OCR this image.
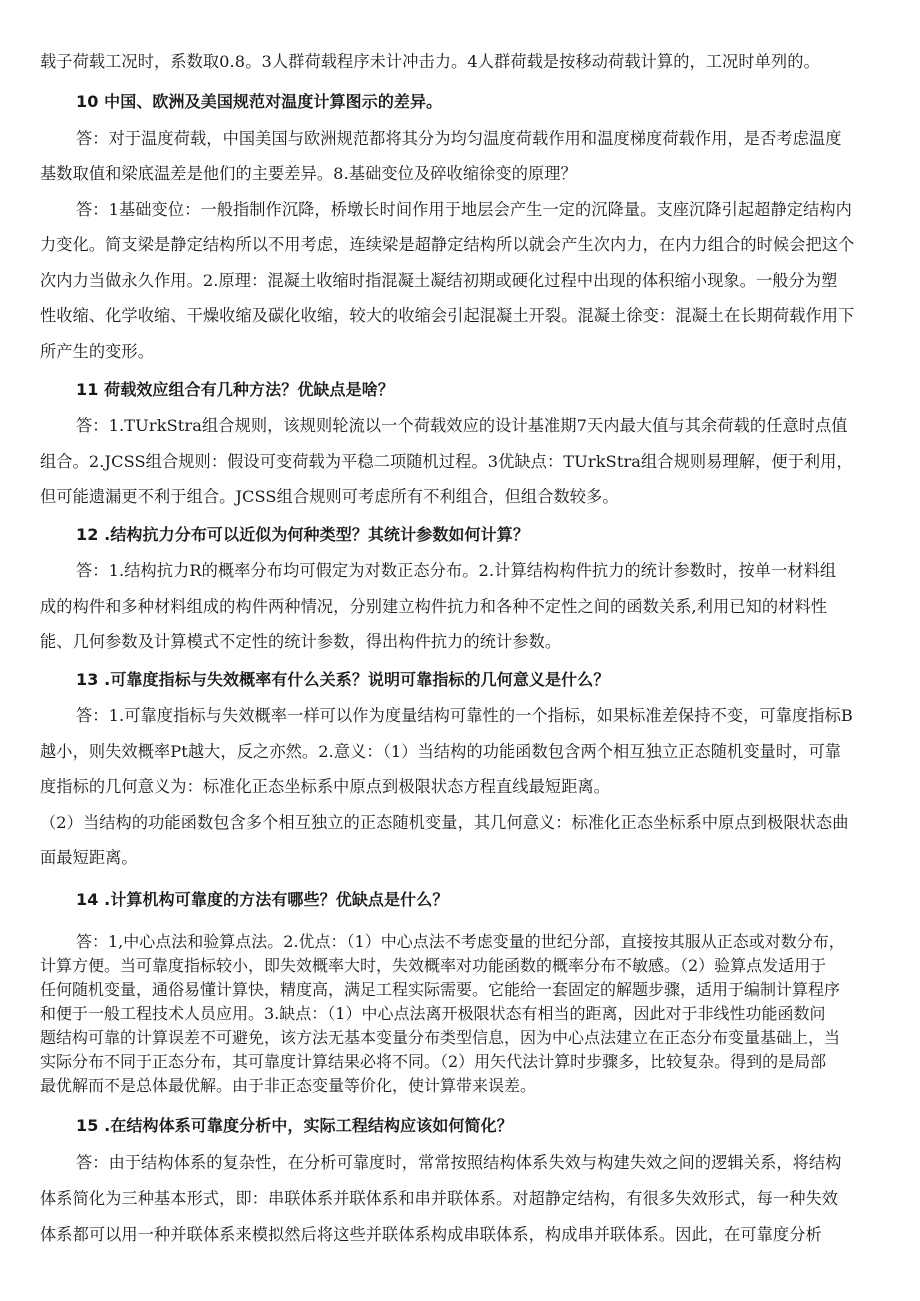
载子荷载工况时，系数取0.8。3人群荷载程序未计冲击力。4人群荷载是按移动荷载计算的，工况时单列的。
10 中国、欧洲及美国规范对温度计算图示的差异。
答：对于温度荷载，中国美国与欧洲规范都将其分为均匀温度荷载作用和温度梯度荷载作用，是否考虑温度
基数取值和梁底温差是他们的主要差异。8.基础变位及碎收缩徐变的原理？
答：1基础变位：一般指制作沉降，桥墩长时间作用于地层会产生一定的沉降量。支座沉降引起超静定结构内
力变化。简支梁是静定结构所以不用考虑，连续梁是超静定结构所以就会产生次内力，在内力组合的时候会把这个
次内力当做永久作用。2.原理：混凝土收缩时指混凝土凝结初期或硬化过程中出现的体积缩小现象。一般分为塑
性收缩、化学收缩、干燥收缩及碳化收缩，较大的收缩会引起混凝土开裂。混凝土徐变：混凝土在长期荷载作用下
所产生的变形。
11 荷载效应组合有几种方法？优缺点是啥？
答：1.TUrkStra组合规则，该规则轮流以一个荷载效应的设计基准期7天内最大值与其余荷载的任意时点值
组合。2.JCSS组合规则：假设可变荷载为平稳二项随机过程。3优缺点：TUrkStra组合规则易理解，便于利用，
但可能遗漏更不利于组合。JCSS组合规则可考虑所有不利组合，但组合数较多。
12 .结构抗力分布可以近似为何种类型？其统计参数如何计算？
答：1.结构抗力R的概率分布均可假定为对数正态分布。2.计算结构构件抗力的统计参数时，按单一材料组
成的构件和多种材料组成的构件两种情况，分别建立构件抗力和各种不定性之间的函数关系,利用已知的材料性
能、几何参数及计算模式不定性的统计参数，得出构件抗力的统计参数。
13 .可靠度指标与失效概率有什么关系？说明可靠指标的几何意义是什么？
答：1.可靠度指标与失效概率一样可以作为度量结构可靠性的一个指标，如果标准差保持不变，可靠度指标B
越小，则失效概率Pt越大，反之亦然。2.意义：（1）当结构的功能函数包含两个相互独立正态随机变量时，可靠
度指标的几何意义为：标准化正态坐标系中原点到极限状态方程直线最短距离。
（2）当结构的功能函数包含多个相互独立的正态随机变量，其几何意义：标准化正态坐标系中原点到极限状态曲
面最短距离。
14 .计算机构可靠度的方法有哪些？优缺点是什么？
答：1,中心点法和验算点法。2.优点：（1）中心点法不考虑变量的世纪分部，直接按其服从正态或对数分布，
计算方便。当可靠度指标较小，即失效概率大时，失效概率对功能函数的概率分布不敏感。（2）验算点发适用于
任何随机变量，通俗易懂计算快，精度高，满足工程实际需要。它能给一套固定的解题步骤，适用于编制计算程序
和便于一般工程技术人员应用。3.缺点：（1）中心点法离开极限状态有相当的距离，因此对于非线性功能函数问
题结构可靠的计算误差不可避免，该方法无基本变量分布类型信息，因为中心点法建立在正态分布变量基础上，当
实际分布不同于正态分布，其可靠度计算结果必将不同。（2）用矢代法计算时步骤多，比较复杂。得到的是局部
最优解而不是总体最优解。由于非正态变量等价化，使计算带来误差。
15 .在结构体系可靠度分析中，实际工程结构应该如何简化？
答：由于结构体系的复杂性，在分析可靠度时，常常按照结构体系失效与构建失效之间的逻辑关系，将结构
体系简化为三种基本形式，即：串联体系并联体系和串并联体系。对超静定结构，有很多失效形式，每一种失效
体系都可以用一种并联体系来模拟然后将这些并联体系构成串联体系，构成串并联体系。因此，在可靠度分析
